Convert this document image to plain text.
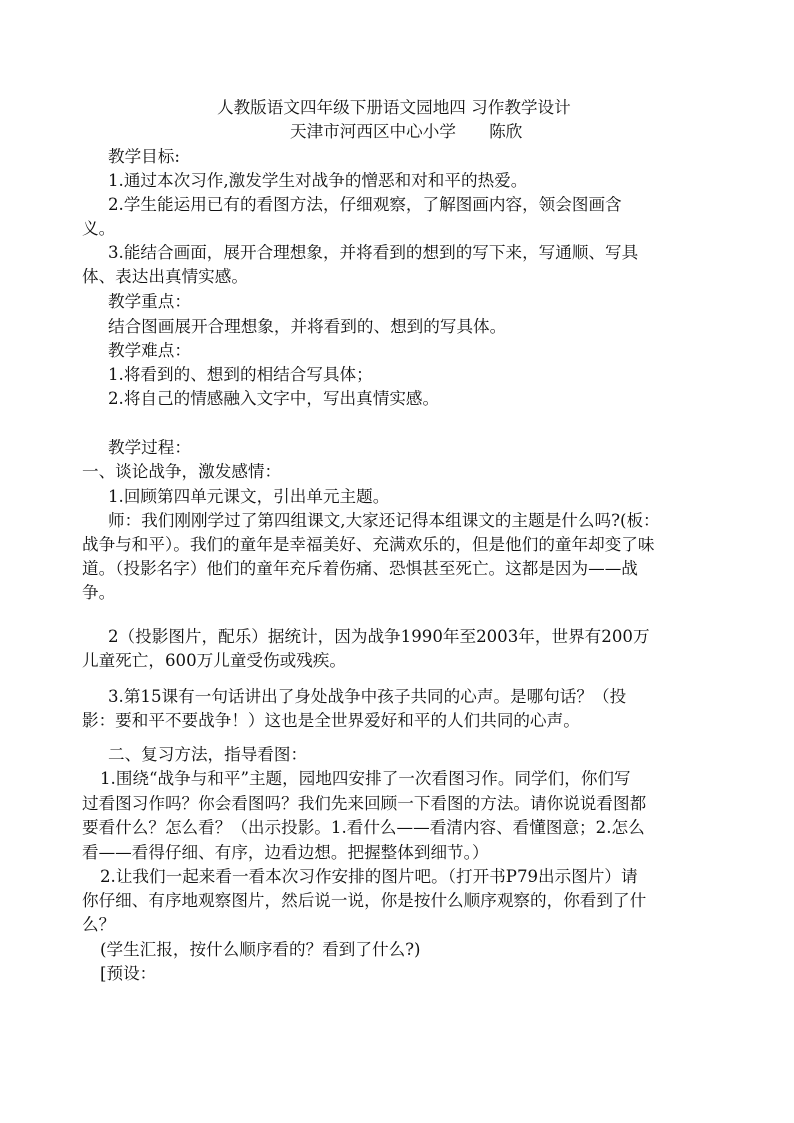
人教版语文四年级下册语文园地四 习作教学设计
天津市河西区中心小学　　陈欣
教学目标:
1.通过本次习作,激发学生对战争的憎恶和对和平的热爱。
2.学生能运用已有的看图方法，仔细观察，了解图画内容，领会图画含
义。
3.能结合画面，展开合理想象，并将看到的想到的写下来，写通顺、写具
体、表达出真情实感。
教学重点：
结合图画展开合理想象，并将看到的、想到的写具体。
教学难点：
1.将看到的、想到的相结合写具体；
2.将自己的情感融入文字中，写出真情实感。
教学过程：
一、谈论战争，激发感情：
1.回顾第四单元课文，引出单元主题。
师：我们刚刚学过了第四组课文,大家还记得本组课文的主题是什么吗?(板：
战争与和平）。我们的童年是幸福美好、充满欢乐的，但是他们的童年却变了味
道。（投影名字）他们的童年充斥着伤痛、恐惧甚至死亡。这都是因为——战
争。
2（投影图片，配乐）据统计，因为战争1990年至2003年，世界有200万
儿童死亡，600万儿童受伤或残疾。
3.第15课有一句话讲出了身处战争中孩子共同的心声。是哪句话？（投
影：要和平不要战争！）这也是全世界爱好和平的人们共同的心声。
二、复习方法，指导看图：
1.围绕“战争与和平”主题，园地四安排了一次看图习作。同学们，你们写
过看图习作吗？你会看图吗？我们先来回顾一下看图的方法。请你说说看图都
要看什么？怎么看？（出示投影。1.看什么——看清内容、看懂图意；2.怎么
看——看得仔细、有序，边看边想。把握整体到细节。）
2.让我们一起来看一看本次习作安排的图片吧。（打开书P79出示图片）请
你仔细、有序地观察图片，然后说一说，你是按什么顺序观察的，你看到了什
么？
(学生汇报，按什么顺序看的？看到了什么?)
[预设：
